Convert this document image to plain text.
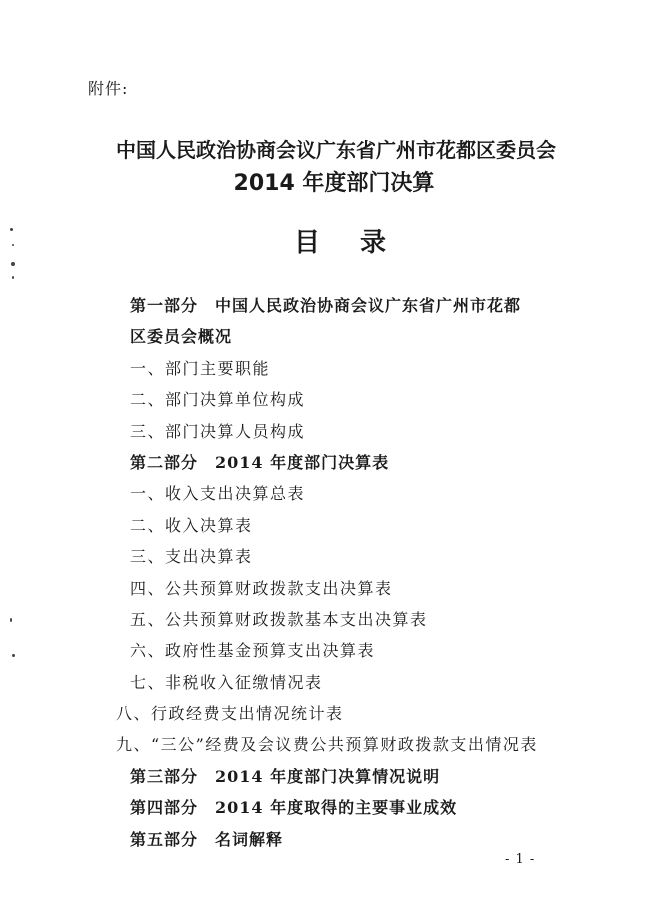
附件:
中国人民政治协商会议广东省广州市花都区委员会
2014 年度部门决算
目录
第一部分　中国人民政治协商会议广东省广州市花都
区委员会概况
一、部门主要职能
二、部门决算单位构成
三、部门决算人员构成
第二部分　2014 年度部门决算表
一、收入支出决算总表
二、收入决算表
三、支出决算表
四、公共预算财政拨款支出决算表
五、公共预算财政拨款基本支出决算表
六、政府性基金预算支出决算表
七、非税收入征缴情况表
八、行政经费支出情况统计表
九、“三公”经费及会议费公共预算财政拨款支出情况表
第三部分　2014 年度部门决算情况说明
第四部分　2014 年度取得的主要事业成效
第五部分　名词解释
- 1 -
